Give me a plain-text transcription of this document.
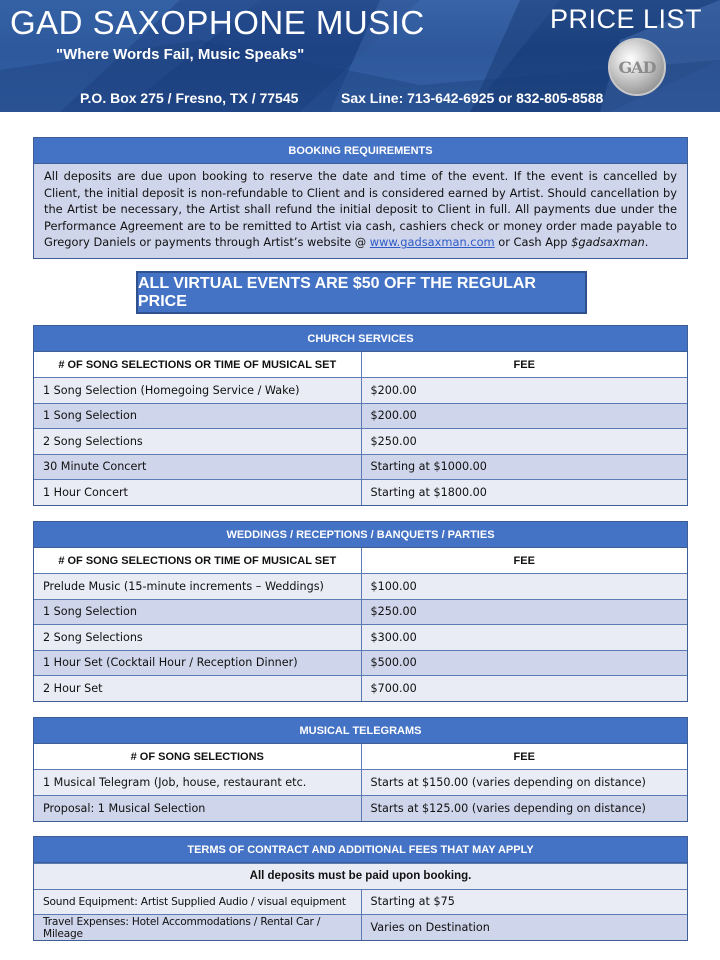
GAD SAXOPHONE MUSIC
"Where Words Fail, Music Speaks"
PRICE LIST
GAD
P.O. Box 275 / Fresno, TX / 77545	Sax Line: 713-642-6925 or 832-805-8588
BOOKING REQUIREMENTS

All deposits are due upon booking to reserve the date and time of the event. If the event is cancelled by Client, the initial deposit is non-refundable to Client and is considered earned by Artist. Should cancellation by the Artist be necessary, the Artist shall refund the initial deposit to Client in full. All payments due under the Performance Agreement are to be remitted to Artist via cash, cashiers check or money order made payable to Gregory Daniels or payments through Artist’s website @ www.gadsaxman.com or Cash App $gadsaxman.

ALL VIRTUAL EVENTS ARE $50 OFF THE REGULAR PRICE
CHURCH SERVICES
# OF SONG SELECTIONS OR TIME OF MUSICAL SET	FEE
1 Song Selection (Homegoing Service / Wake)	$200.00
1 Song Selection	$200.00
2 Song Selections	$250.00
30 Minute Concert	Starting at $1000.00
1 Hour Concert	Starting at $1800.00
WEDDINGS / RECEPTIONS / BANQUETS / PARTIES
# OF SONG SELECTIONS OR TIME OF MUSICAL SET	FEE
Prelude Music (15-minute increments – Weddings)	$100.00
1 Song Selection	$250.00
2 Song Selections	$300.00
1 Hour Set (Cocktail Hour / Reception Dinner)	$500.00
2 Hour Set	$700.00
MUSICAL TELEGRAMS
# OF SONG SELECTIONS	FEE
1 Musical Telegram (Job, house, restaurant etc.	Starts at $150.00 (varies depending on distance)
Proposal: 1 Musical Selection	Starts at $125.00 (varies depending on distance)
TERMS OF CONTRACT AND ADDITIONAL FEES THAT MAY APPLY
All deposits must be paid upon booking.	
Sound Equipment: Artist Supplied Audio / visual equipment	Starting at $75
Travel Expenses: Hotel Accommodations / Rental Car / Mileage	Varies on Destination
